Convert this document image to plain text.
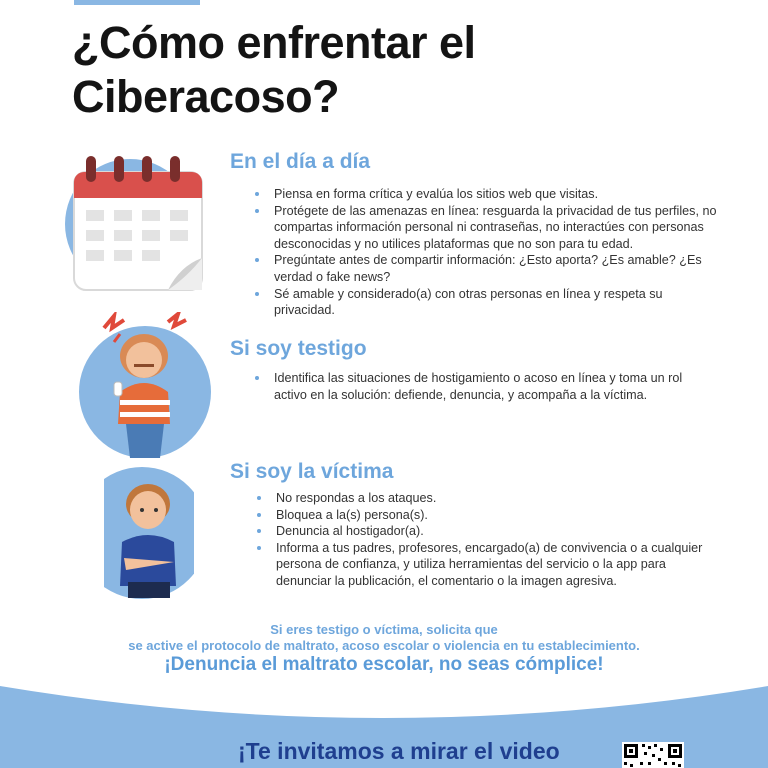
¿Cómo enfrentar el
Ciberacoso?
En el día a día
Piensa en forma crítica y evalúa los sitios web que visitas.
Protégete de las amenazas en línea: resguarda la privacidad de tus perfiles, no compartas información personal ni contraseñas, no interactúes con personas desconocidas y no utilices plataformas que no son para tu edad.
Pregúntate antes de compartir información: ¿Esto aporta? ¿Es amable? ¿Es verdad o fake news?
Sé amable y considerado(a) con otras personas en línea y respeta su privacidad.
Si soy testigo
Identifica las situaciones de hostigamiento o acoso en línea y toma un rol activo en la solución: defiende, denuncia, y acompaña a la víctima.
Si soy la víctima
No respondas a los ataques.
Bloquea a la(s) persona(s).
Denuncia al hostigador(a).
Informa a tus padres, profesores, encargado(a) de convivencia o a cualquier persona de confianza, y utiliza herramientas del servicio o la app para denunciar la publicación, el comentario o la imagen agresiva.
Si eres testigo o víctima, solicita que
se active el protocolo de maltrato, acoso escolar o violencia en tu establecimiento.
¡Denuncia el maltrato escolar, no seas cómplice!
¡Te invitamos a mirar el video
